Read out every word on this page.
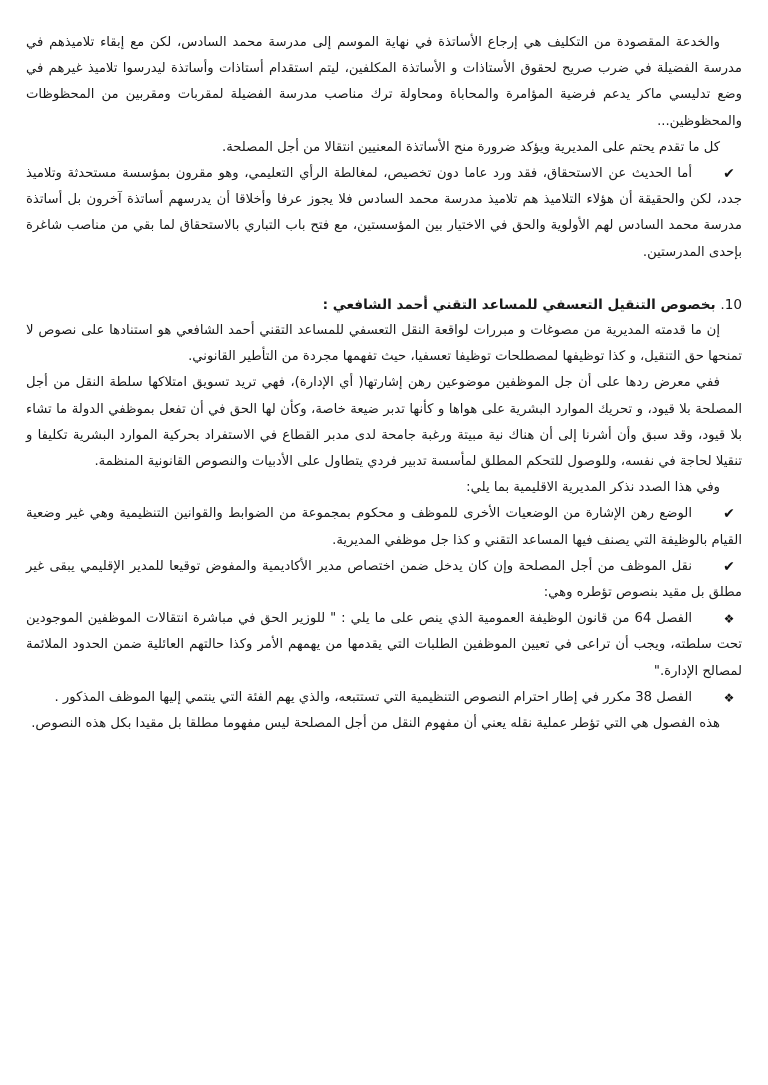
والخدعة المقصودة من التكليف هي إرجاع الأساتذة في نهاية الموسم إلى مدرسة محمد السادس، لكن مع إبقاء تلاميذهم في مدرسة الفضيلة في ضرب صريح لحقوق الأستاذات و الأساتذة المكلفين، ليتم استقدام أستاذات وأساتذة ليدرسوا تلاميذ غيرهم في وضع تدليسي ماكر يدعم فرضية المؤامرة والمحاباة ومحاولة ترك مناصب مدرسة الفضيلة لمقربات ومقربين من المحظوظات والمحظوظين...

كل ما تقدم يحتم على المديرية ويؤكد ضرورة منح الأساتذة المعنيين انتقالا من أجل المصلحة.

✔
أما الحديث عن الاستحقاق، فقد ورد عاما دون تخصيص، لمغالطة الرأي التعليمي، وهو مقرون بمؤسسة مستحدثة وتلاميذ جدد، لكن والحقيقة أن هؤلاء التلاميذ هم تلاميذ مدرسة محمد السادس فلا يجوز عرفا وأخلاقا أن يدرسهم أساتذة آخرون بل أساتذة مدرسة محمد السادس لهم الأولوية والحق في الاختيار بين المؤسستين، مع فتح باب التباري بالاستحقاق لما بقي من مناصب شاغرة بإحدى المدرستين.

10. بخصوص التنقيل التعسفي للمساعد التقني أحمد الشافعي :

إن ما قدمته المديرية من مصوغات و مبررات لواقعة النقل التعسفي للمساعد التقني أحمد الشافعي هو استنادها على نصوص لا تمنحها حق التنقيل، و كذا توظيفها لمصطلحات توظيفا تعسفيا، حيث تفهمها مجردة من التأطير القانوني.

ففي معرض ردها على أن جل الموظفين موضوعين رهن إشارتها( أي الإدارة)، فهي تريد تسويق امتلاكها سلطة النقل من أجل المصلحة بلا قيود، و تحريك الموارد البشرية على هواها و كأنها تدبر ضيعة خاصة، وكأن لها الحق في أن تفعل بموظفي الدولة ما تشاء بلا قيود، وقد سبق وأن أشرنا إلى أن هناك نية مبيتة ورغبة جامحة لدى مدبر القطاع في الاستفراد بحركية الموارد البشرية تكليفا و تنقيلا لحاجة في نفسه، وللوصول للتحكم المطلق لمأسسة تدبير فردي يتطاول على الأدبيات والنصوص القانونية المنظمة.

وفي هذا الصدد نذكر المديرية الاقليمية بما يلي:

✔
الوضع رهن الإشارة من الوضعيات الأخرى للموظف و محكوم بمجموعة من الضوابط والقوانين التنظيمية وهي غير وضعية القيام بالوظيفة التي يصنف فيها المساعد التقني و كذا جل موظفي المديرية.
✔
نقل الموظف من أجل المصلحة وإن كان يدخل ضمن اختصاص مدير الأكاديمية والمفوض توقيعا للمدير الإقليمي يبقى غير مطلق بل مقيد بنصوص تؤطره وهي:
❖
الفصل 64 من قانون الوظيفة العمومية الذي ينص على ما يلي : " للوزير الحق في مباشرة انتقالات الموظفين الموجودين تحت سلطته، ويجب أن تراعى في تعيين الموظفين الطلبات التي يقدمها من يهمهم الأمر وكذا حالتهم العائلية ضمن الحدود الملائمة لمصالح الإدارة."
❖
الفصل 38 مكرر في إطار احترام النصوص التنظيمية التي تستتبعه، والذي يهم الفئة التي ينتمي إليها الموظف المذكور .

هذه الفصول هي التي تؤطر عملية نقله يعني أن مفهوم النقل من أجل المصلحة ليس مفهوما مطلقا بل مقيدا بكل هذه النصوص.
